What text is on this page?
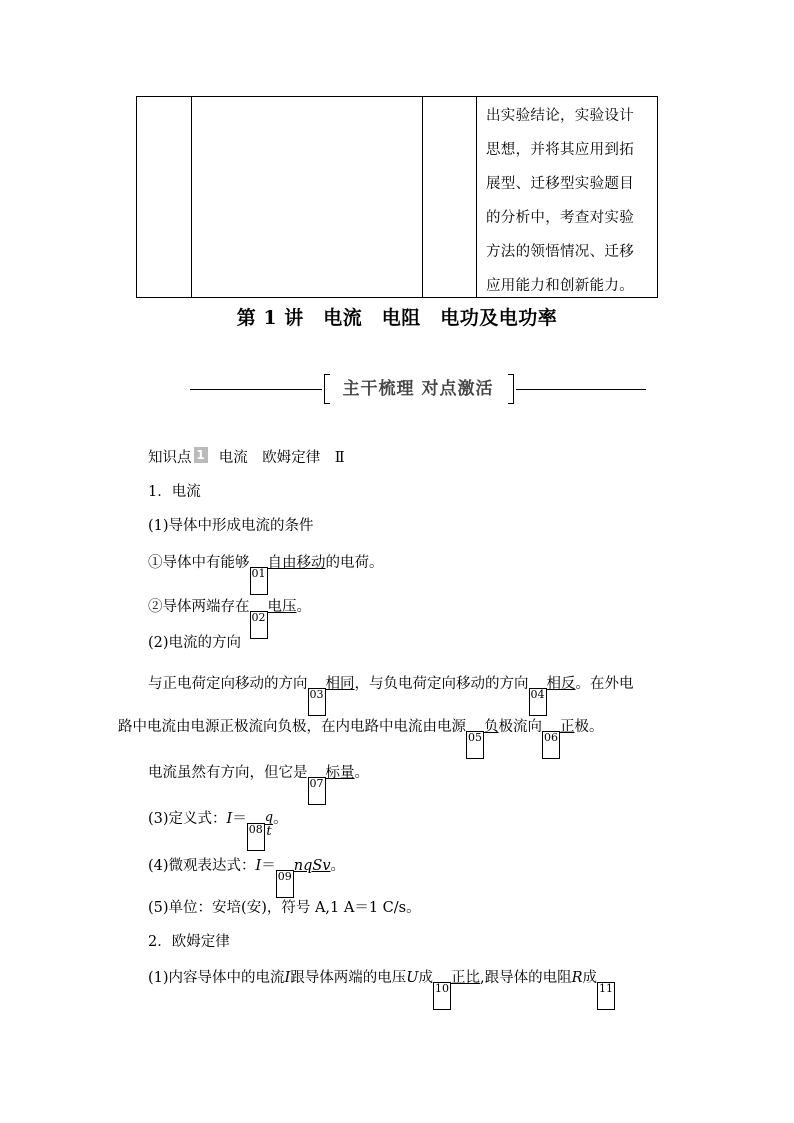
出实验结论，实验设计
思想，并将其应用到拓
展型、迁移型实验题目
的分析中，考查对实验
方法的领悟情况、迁移
应用能力和创新能力。
第 1 讲　电流　电阻　电功及电功率
主干梳理 对点激活
知识点 1 电流　欧姆定律　Ⅱ
1．电流
(1)导体中形成电流的条件
①导体中有能够01自由移动的电荷。
②导体两端存在02电压。
(2)电流的方向
与正电荷定向移动的方向03相同，与负电荷定向移动的方向04相反。在外电
路中电流由电源正极流向负极，在内电路中电流由电源05负极流向06正极。
电流虽然有方向，但它是07标量。
(3)定义式：$I=08 \frac{q}{t}$ 。
(4)微观表达式：I＝09nqSv。
(5)单位：安培(安)，符号 A,1 A＝1 C/s。
2．欧姆定律
(1)内容导体中的电流I跟导体两端的电压U成10正比,跟导体的电阻R成11
